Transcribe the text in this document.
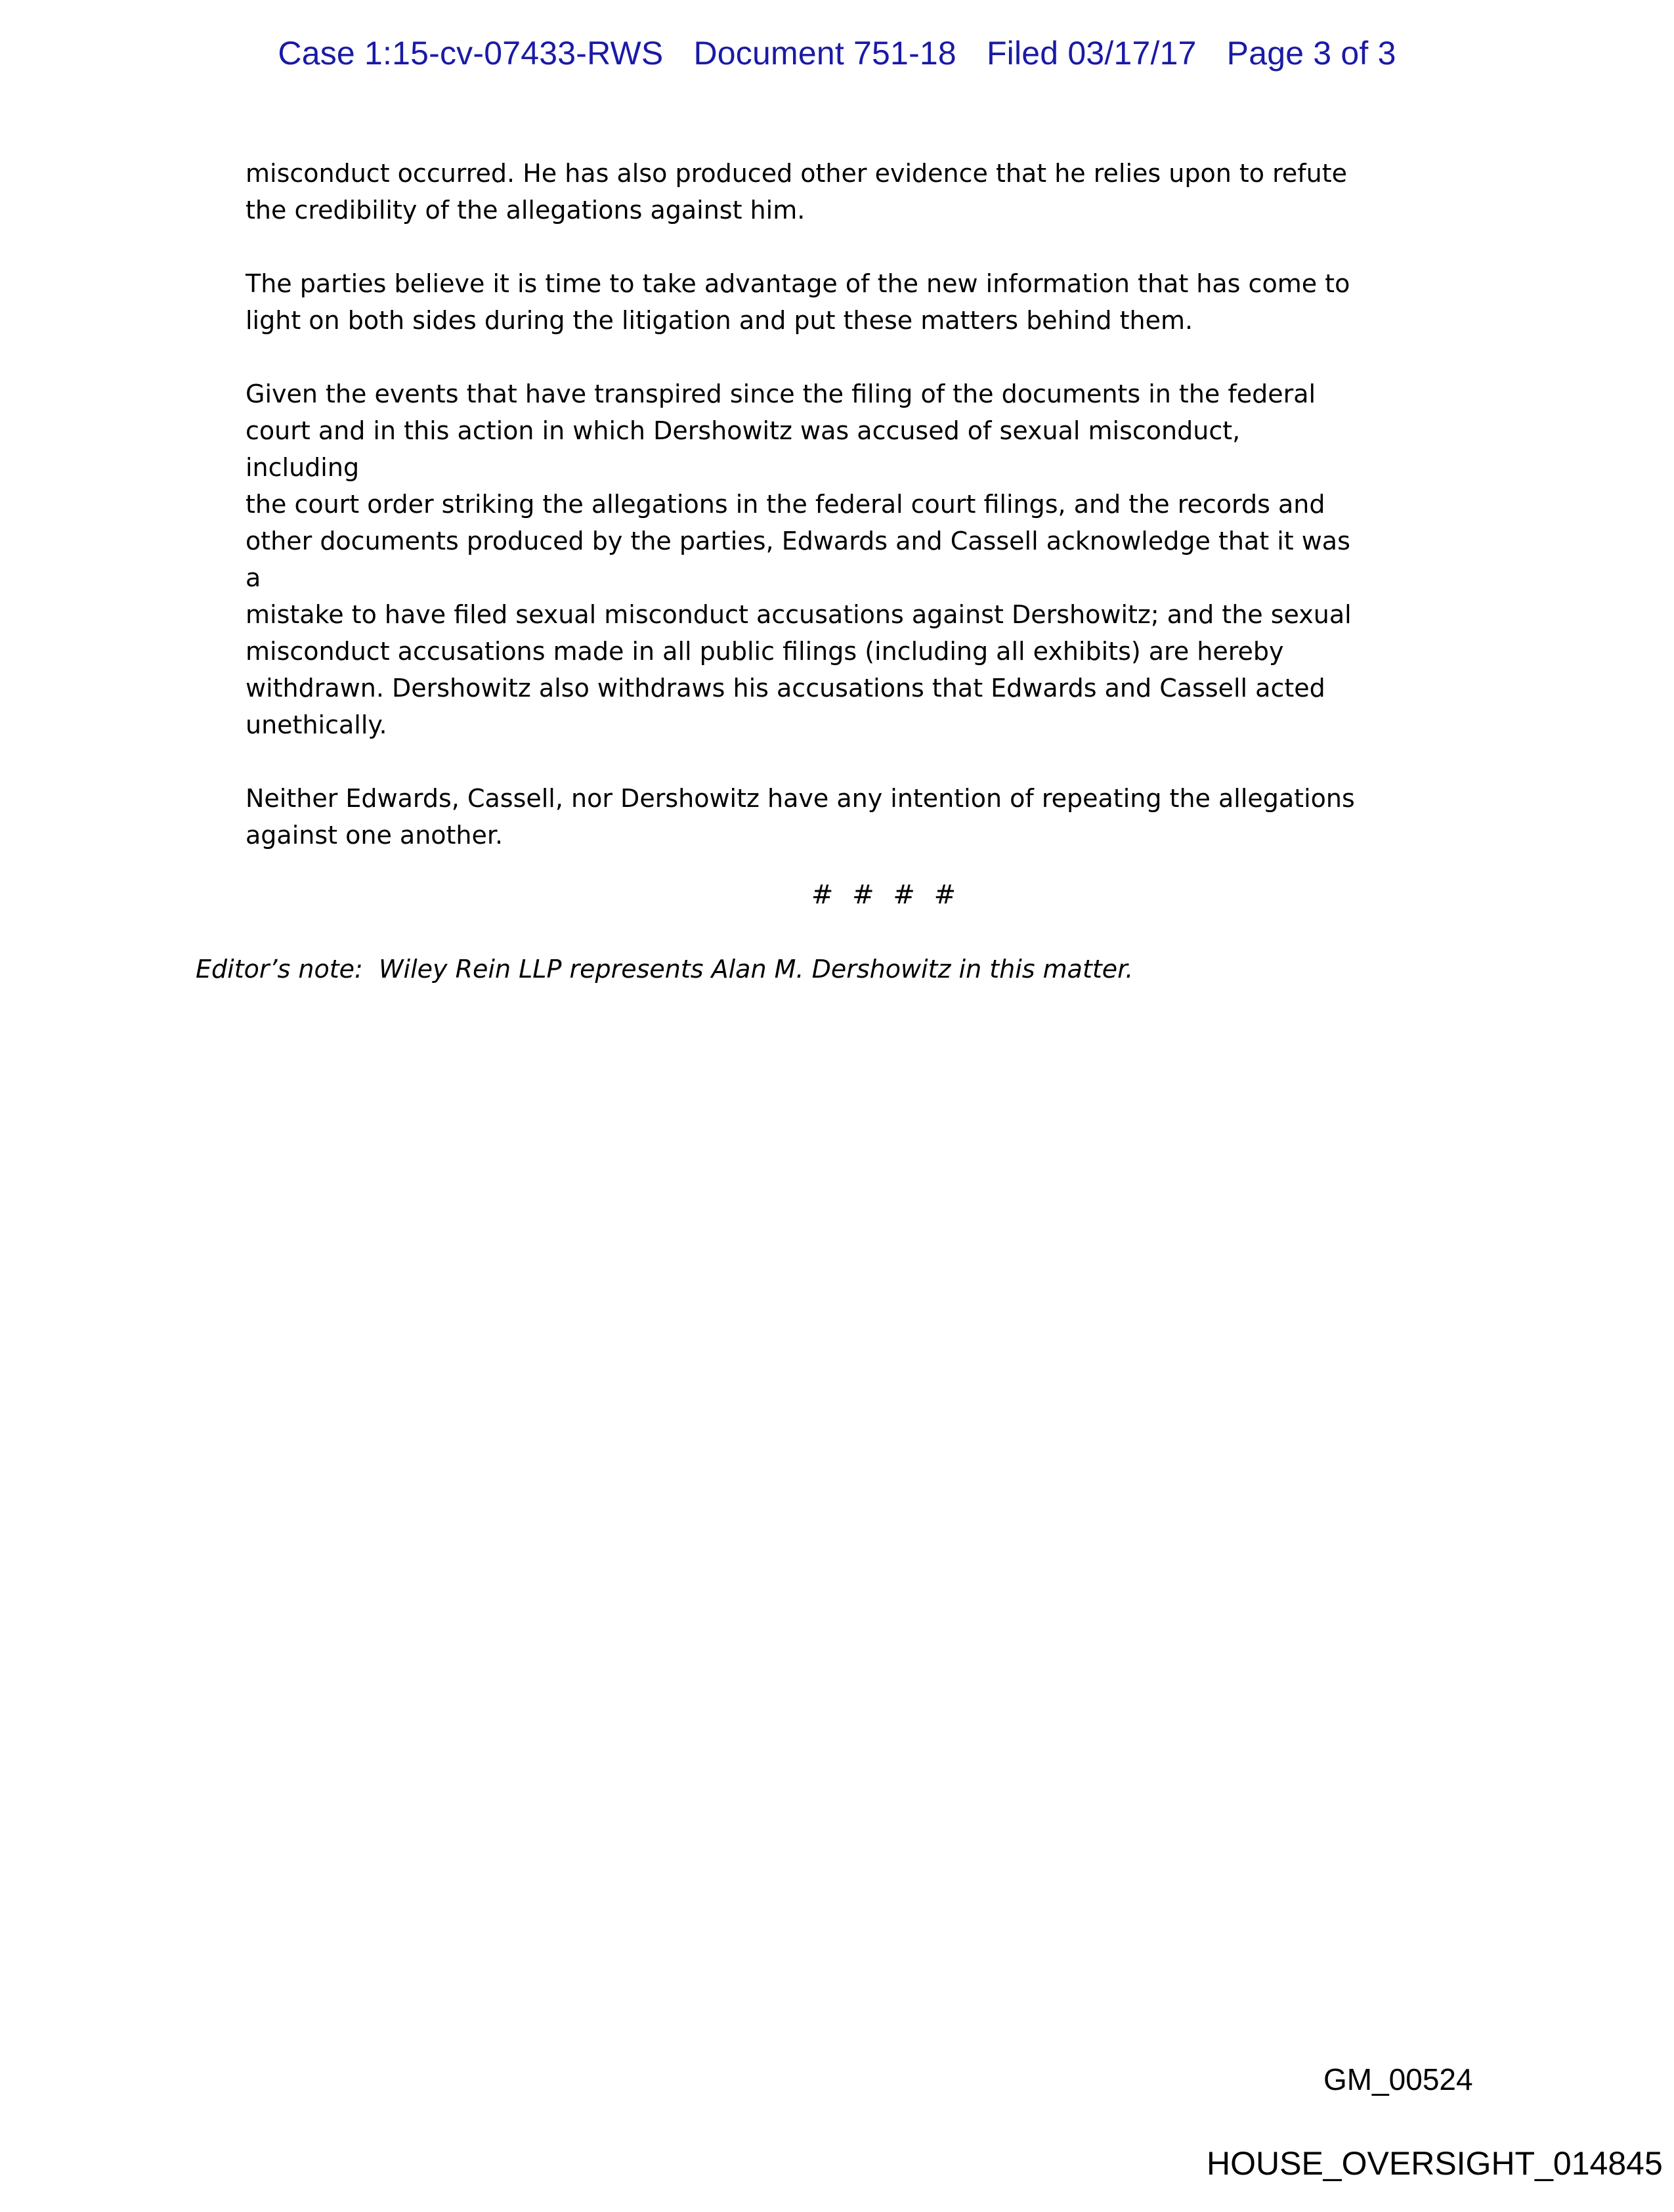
Case 1:15-cv-07433-RWS Document 751-18 Filed 03/17/17 Page 3 of 3

misconduct occurred. He has also produced other evidence that he relies upon to refute
the credibility of the allegations against him.

The parties believe it is time to take advantage of the new information that has come to
light on both sides during the litigation and put these matters behind them.

Given the events that have transpired since the filing of the documents in the federal
court and in this action in which Dershowitz was accused of sexual misconduct, including
the court order striking the allegations in the federal court filings, and the records and
other documents produced by the parties, Edwards and Cassell acknowledge that it was a
mistake to have filed sexual misconduct accusations against Dershowitz; and the sexual
misconduct accusations made in all public filings (including all exhibits) are hereby
withdrawn. Dershowitz also withdraws his accusations that Edwards and Cassell acted
unethically.

Neither Edwards, Cassell, nor Dershowitz have any intention of repeating the allegations
against one another.

# # # #
Editor’s note:  Wiley Rein LLP represents Alan M. Dershowitz in this matter.
GM_00524
HOUSE_OVERSIGHT_014845
